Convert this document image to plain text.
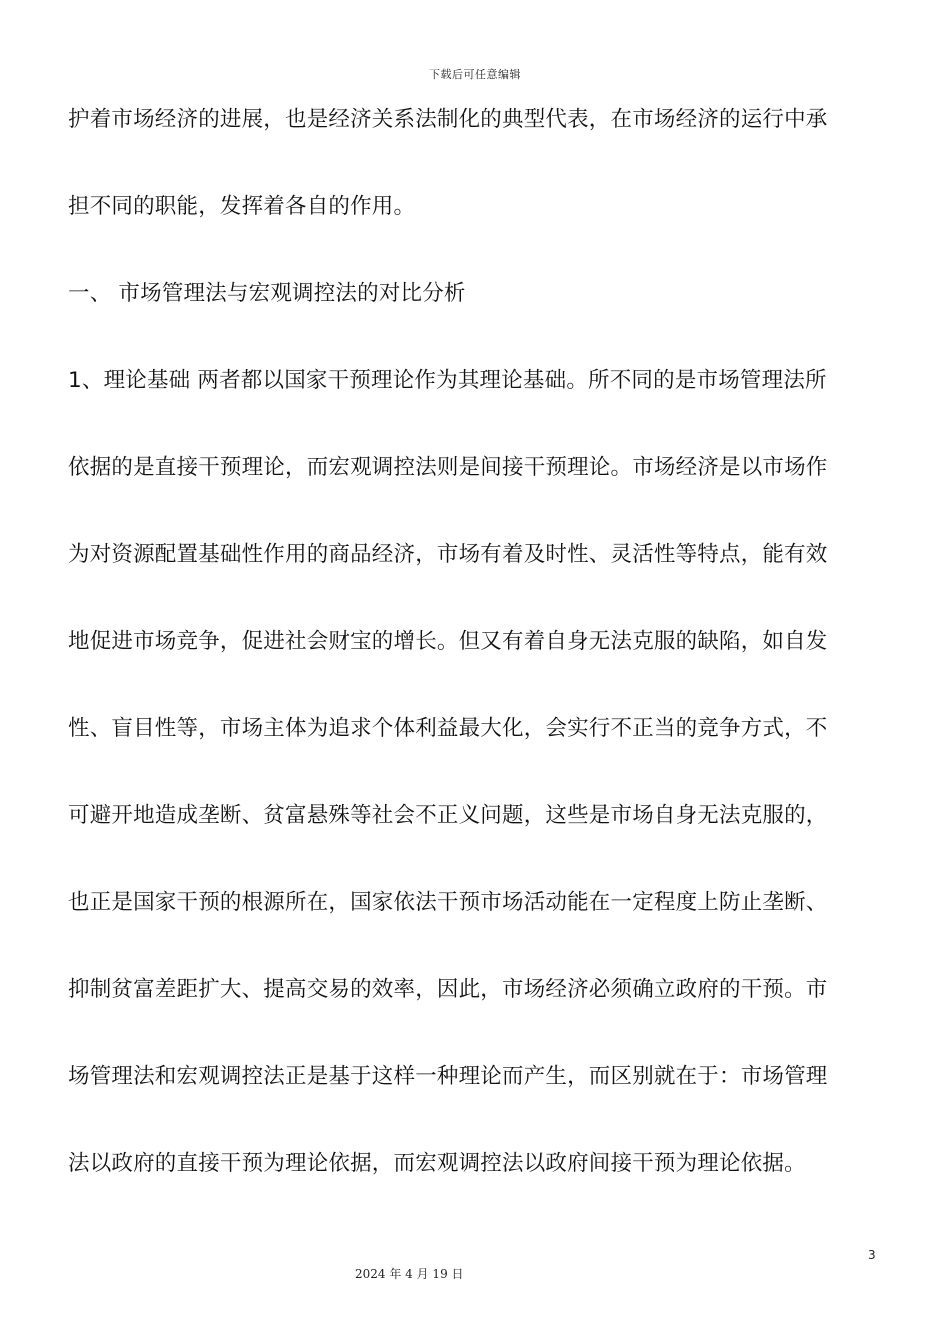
下载后可任意编辑
护着市场经济的进展，也是经济关系法制化的典型代表，在市场经济的运行中承
担不同的职能，发挥着各自的作用。
一、 市场管理法与宏观调控法的对比分析
1、理论基础 两者都以国家干预理论作为其理论基础。所不同的是市场管理法所
依据的是直接干预理论，而宏观调控法则是间接干预理论。市场经济是以市场作
为对资源配置基础性作用的商品经济，市场有着及时性、灵活性等特点，能有效
地促进市场竞争，促进社会财宝的增长。但又有着自身无法克服的缺陷，如自发
性、盲目性等，市场主体为追求个体利益最大化，会实行不正当的竞争方式，不
可避开地造成垄断、贫富悬殊等社会不正义问题，这些是市场自身无法克服的，
也正是国家干预的根源所在，国家依法干预市场活动能在一定程度上防止垄断、
抑制贫富差距扩大、提高交易的效率，因此，市场经济必须确立政府的干预。市
场管理法和宏观调控法正是基于这样一种理论而产生，而区别就在于：市场管理
法以政府的直接干预为理论依据，而宏观调控法以政府间接干预为理论依据。
3
2024 年 4 月 19 日
